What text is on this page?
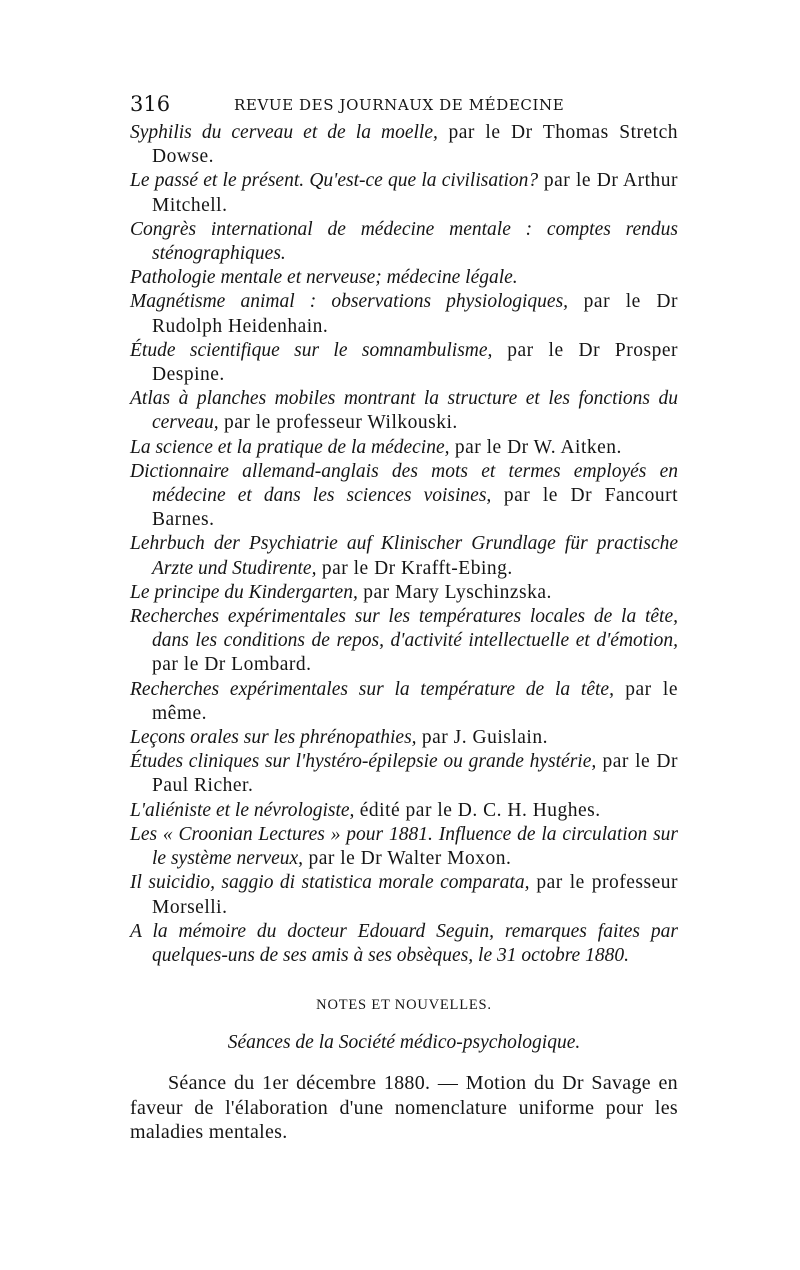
316	REVUE DES JOURNAUX DE MÉDECINE

Syphilis du cerveau et de la moelle, par le Dr Thomas Stretch Dowse.

Le passé et le présent. Qu'est-ce que la civilisation? par le Dr Arthur Mitchell.

Congrès international de médecine mentale : comptes rendus sténographiques.

Pathologie mentale et nerveuse; médecine légale.

Magnétisme animal : observations physiologiques, par le Dr Rudolph Heidenhain.

Étude scientifique sur le somnambulisme, par le Dr Prosper Despine.

Atlas à planches mobiles montrant la structure et les fonctions du cerveau, par le professeur Wilkouski.

La science et la pratique de la médecine, par le Dr W. Aitken.

Dictionnaire allemand-anglais des mots et termes employés en médecine et dans les sciences voisines, par le Dr Fancourt Barnes.

Lehrbuch der Psychiatrie auf Klinischer Grundlage für practische Arzte und Studirente, par le Dr Krafft-Ebing.

Le principe du Kindergarten, par Mary Lyschinzska.

Recherches expérimentales sur les températures locales de la tête, dans les conditions de repos, d'activité intellectuelle et d'émotion, par le Dr Lombard.

Recherches expérimentales sur la température de la tête, par le même.

Leçons orales sur les phrénopathies, par J. Guislain.

Études cliniques sur l'hystéro-épilepsie ou grande hystérie, par le Dr Paul Richer.

L'aliéniste et le névrologiste, édité par le D. C. H. Hughes.

Les « Croonian Lectures » pour 1881. Influence de la circulation sur le système nerveux, par le Dr Walter Moxon.

Il suicidio, saggio di statistica morale comparata, par le professeur Morselli.

A la mémoire du docteur Edouard Seguin, remarques faites par quelques-uns de ses amis à ses obsèques, le 31 octobre 1880.

NOTES ET NOUVELLES.
Séances de la Société médico-psychologique.

Séance du 1er décembre 1880. — Motion du Dr Savage en faveur de l'élaboration d'une nomenclature uniforme pour les maladies mentales.
